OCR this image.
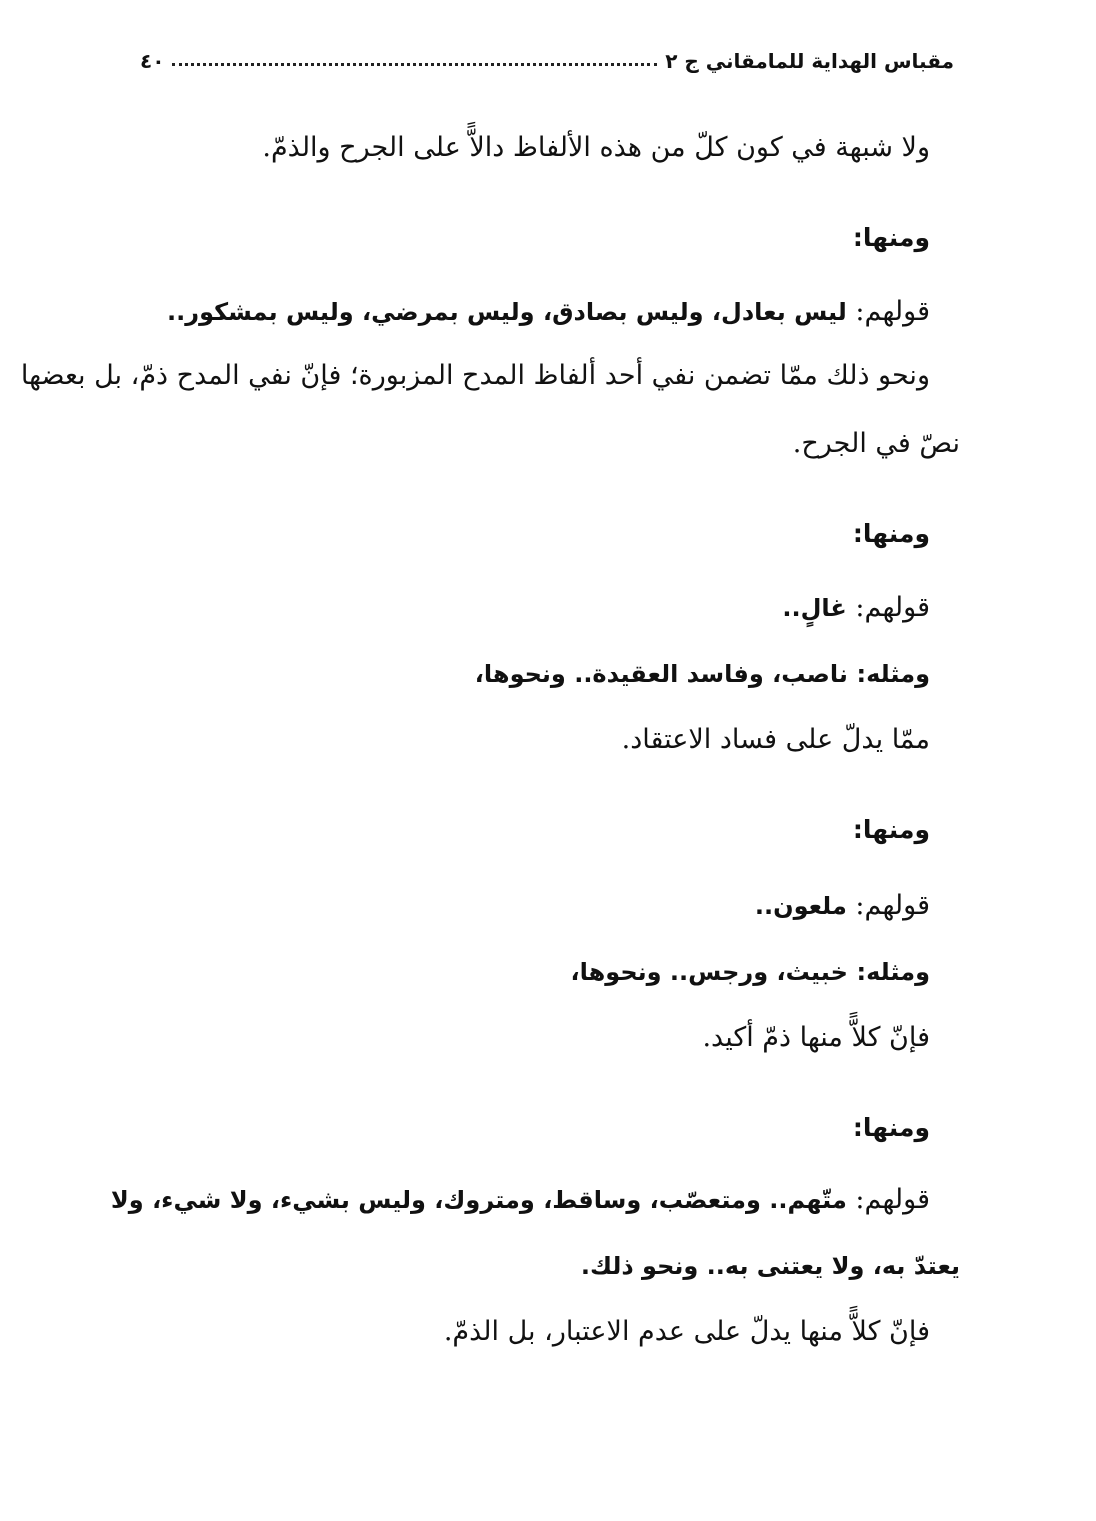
مقباس الهداية للمامقاني ج ٢
٤٠
ولا شبهة في كون كلّ من هذه الألفاظ دالاًّ على الجرح والذمّ.
ومنها:
قولهم: ليس بعادل، وليس بصادق، وليس بمرضي، وليس بمشكور..
ونحو ذلك ممّا تضمن نفي أحد ألفاظ المدح المزبورة؛ فإنّ نفي المدح ذمّ، بل بعضها
نصّ في الجرح.
ومنها:
قولهم: غالٍ..
ومثله: ناصب، وفاسد العقيدة.. ونحوها،
ممّا يدلّ على فساد الاعتقاد.
ومنها:
قولهم: ملعون..
ومثله: خبيث، ورجس.. ونحوها،
فإنّ كلاًّ منها ذمّ أكيد.
ومنها:
قولهم: متّهم.. ومتعصّب، وساقط، ومتروك، وليس بشيء، ولا شيء، ولا
يعتدّ به، ولا يعتنى به.. ونحو ذلك.
فإنّ كلاًّ منها يدلّ على عدم الاعتبار، بل الذمّ.
